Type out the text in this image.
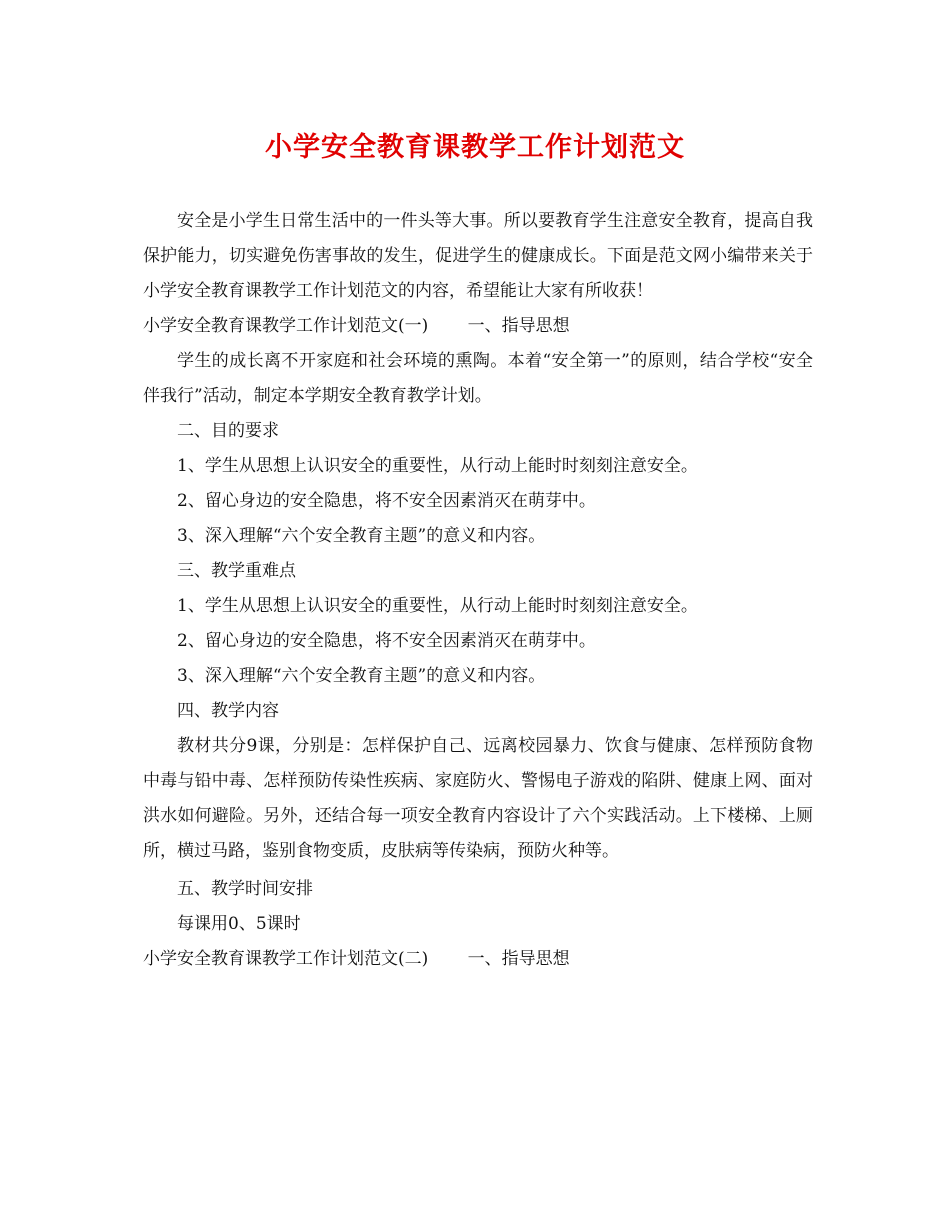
小学安全教育课教学工作计划范文

安全是小学生日常生活中的一件头等大事。所以要教育学生注意安全教育，提高自我保护能力，切实避免伤害事故的发生，促进学生的健康成长。下面是范文网小编带来关于小学安全教育课教学工作计划范文的内容，希望能让大家有所收获！

小学安全教育课教学工作计划范文(一)　　 一、指导思想

学生的成长离不开家庭和社会环境的熏陶。本着“安全第一”的原则，结合学校“安全伴我行”活动，制定本学期安全教育教学计划。

二、目的要求

1、学生从思想上认识安全的重要性，从行动上能时时刻刻注意安全。

2、留心身边的安全隐患，将不安全因素消灭在萌芽中。

3、深入理解“六个安全教育主题”的意义和内容。

三、教学重难点

1、学生从思想上认识安全的重要性，从行动上能时时刻刻注意安全。

2、留心身边的安全隐患，将不安全因素消灭在萌芽中。

3、深入理解“六个安全教育主题”的意义和内容。

四、教学内容

教材共分9课，分别是：怎样保护自己、远离校园暴力、饮食与健康、怎样预防食物中毒与铅中毒、怎样预防传染性疾病、家庭防火、警惕电子游戏的陷阱、健康上网、面对洪水如何避险。另外，还结合每一项安全教育内容设计了六个实践活动。上下楼梯、上厕所，横过马路，鉴别食物变质，皮肤病等传染病，预防火种等。

五、教学时间安排

每课用0、5课时

小学安全教育课教学工作计划范文(二)　　 一、指导思想
